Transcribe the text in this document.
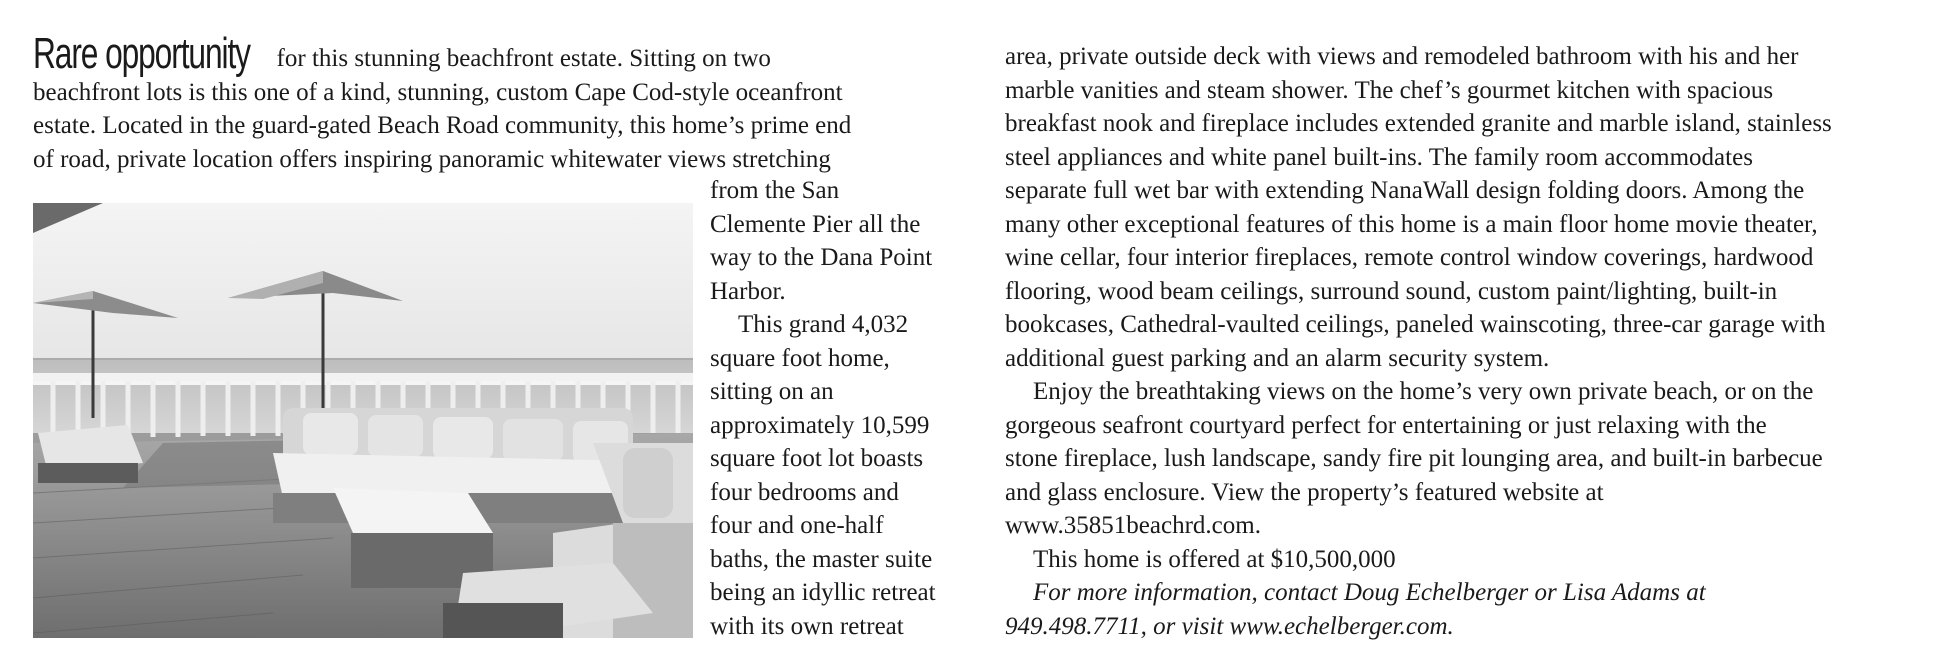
Rare opportunity for this stunning beachfront estate. Sitting on two
beachfront lots is this one of a kind, stunning, custom Cape Cod-style oceanfront
estate. Located in the guard-gated Beach Road community, this home’s prime end
of road, private location offers inspiring panoramic whitewater views stretching
from the San
Clemente Pier all the
way to the Dana Point
Harbor.
This grand 4,032
square foot home,
sitting on an
approximately 10,599
square foot lot boasts
four bedrooms and
four and one-half
baths, the master suite
being an idyllic retreat
with its own retreat
area, private outside deck with views and remodeled bathroom with his and her
marble vanities and steam shower. The chef’s gourmet kitchen with spacious
breakfast nook and fireplace includes extended granite and marble island, stainless
steel appliances and white panel built-ins. The family room accommodates
separate full wet bar with extending NanaWall design folding doors. Among the
many other exceptional features of this home is a main floor home movie theater,
wine cellar, four interior fireplaces, remote control window coverings, hardwood
flooring, wood beam ceilings, surround sound, custom paint/lighting, built-in
bookcases, Cathedral-vaulted ceilings, paneled wainscoting, three-car garage with
additional guest parking and an alarm security system.
Enjoy the breathtaking views on the home’s very own private beach, or on the
gorgeous seafront courtyard perfect for entertaining or just relaxing with the
stone fireplace, lush landscape, sandy fire pit lounging area, and built-in barbecue
and glass enclosure. View the property’s featured website at
www.35851beachrd.com.
This home is offered at $10,500,000
For more information, contact Doug Echelberger or Lisa Adams at
949.498.7711, or visit www.echelberger.com.
